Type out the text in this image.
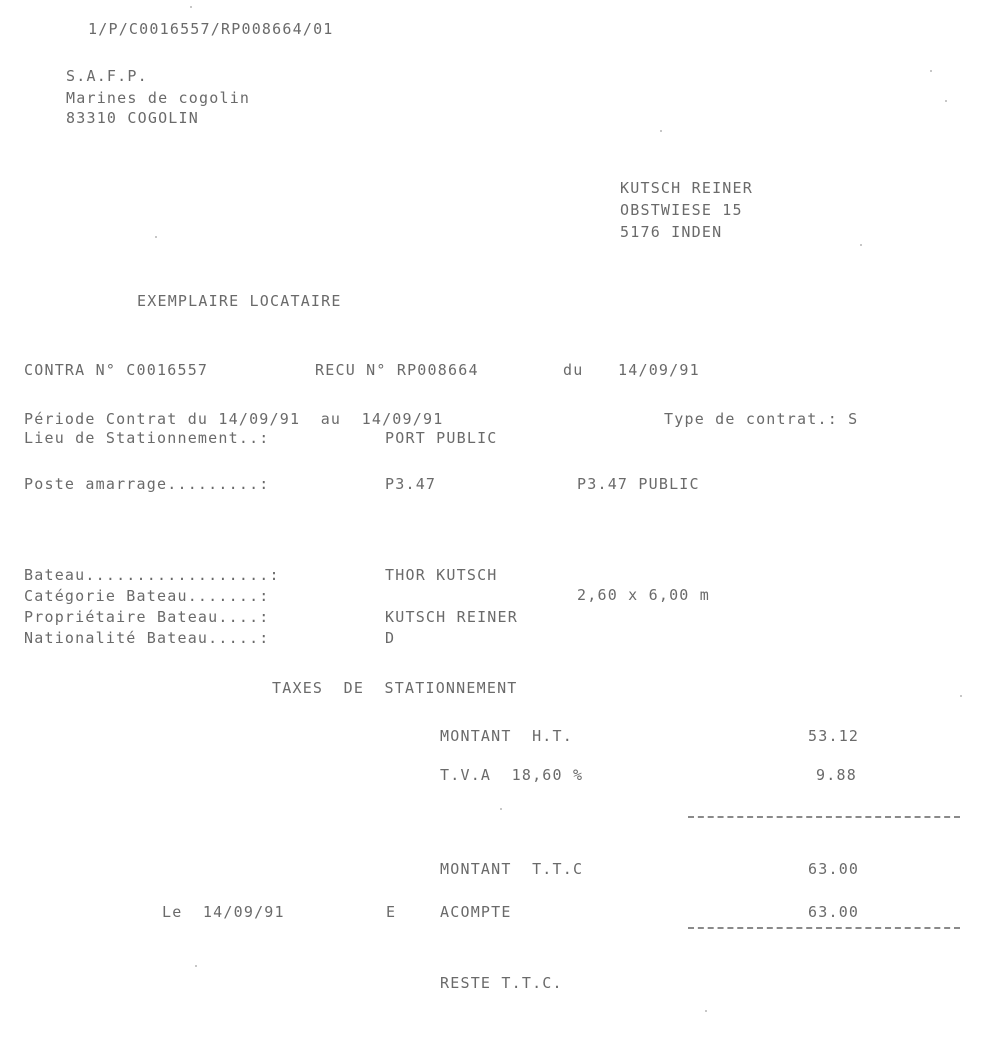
1/P/C0016557/RP008664/01
S.A.F.P.
Marines de cogolin
83310 COGOLIN
KUTSCH REINER
OBSTWIESE 15
5176 INDEN
EXEMPLAIRE LOCATAIRE
CONTRA N° C0016557	RECU N° RP008664	du 14/09/91
Période Contrat du 14/09/91  au  14/09/91	Type de contrat.: S
Lieu de Stationnement..:	PORT PUBLIC
Poste amarrage.........:	P3.47	P3.47 PUBLIC
Bateau..................:	THOR KUTSCH
Catégorie Bateau.......:	2,60 x 6,00 m
Propriétaire Bateau....:	KUTSCH REINER
Nationalité Bateau.....:	D
TAXES  DE  STATIONNEMENT
MONTANT  H.T.	53.12
T.V.A  18,60 %	9.88
MONTANT  T.T.C	63.00
Le  14/09/91	E	ACOMPTE	63.00
RESTE T.T.C.
